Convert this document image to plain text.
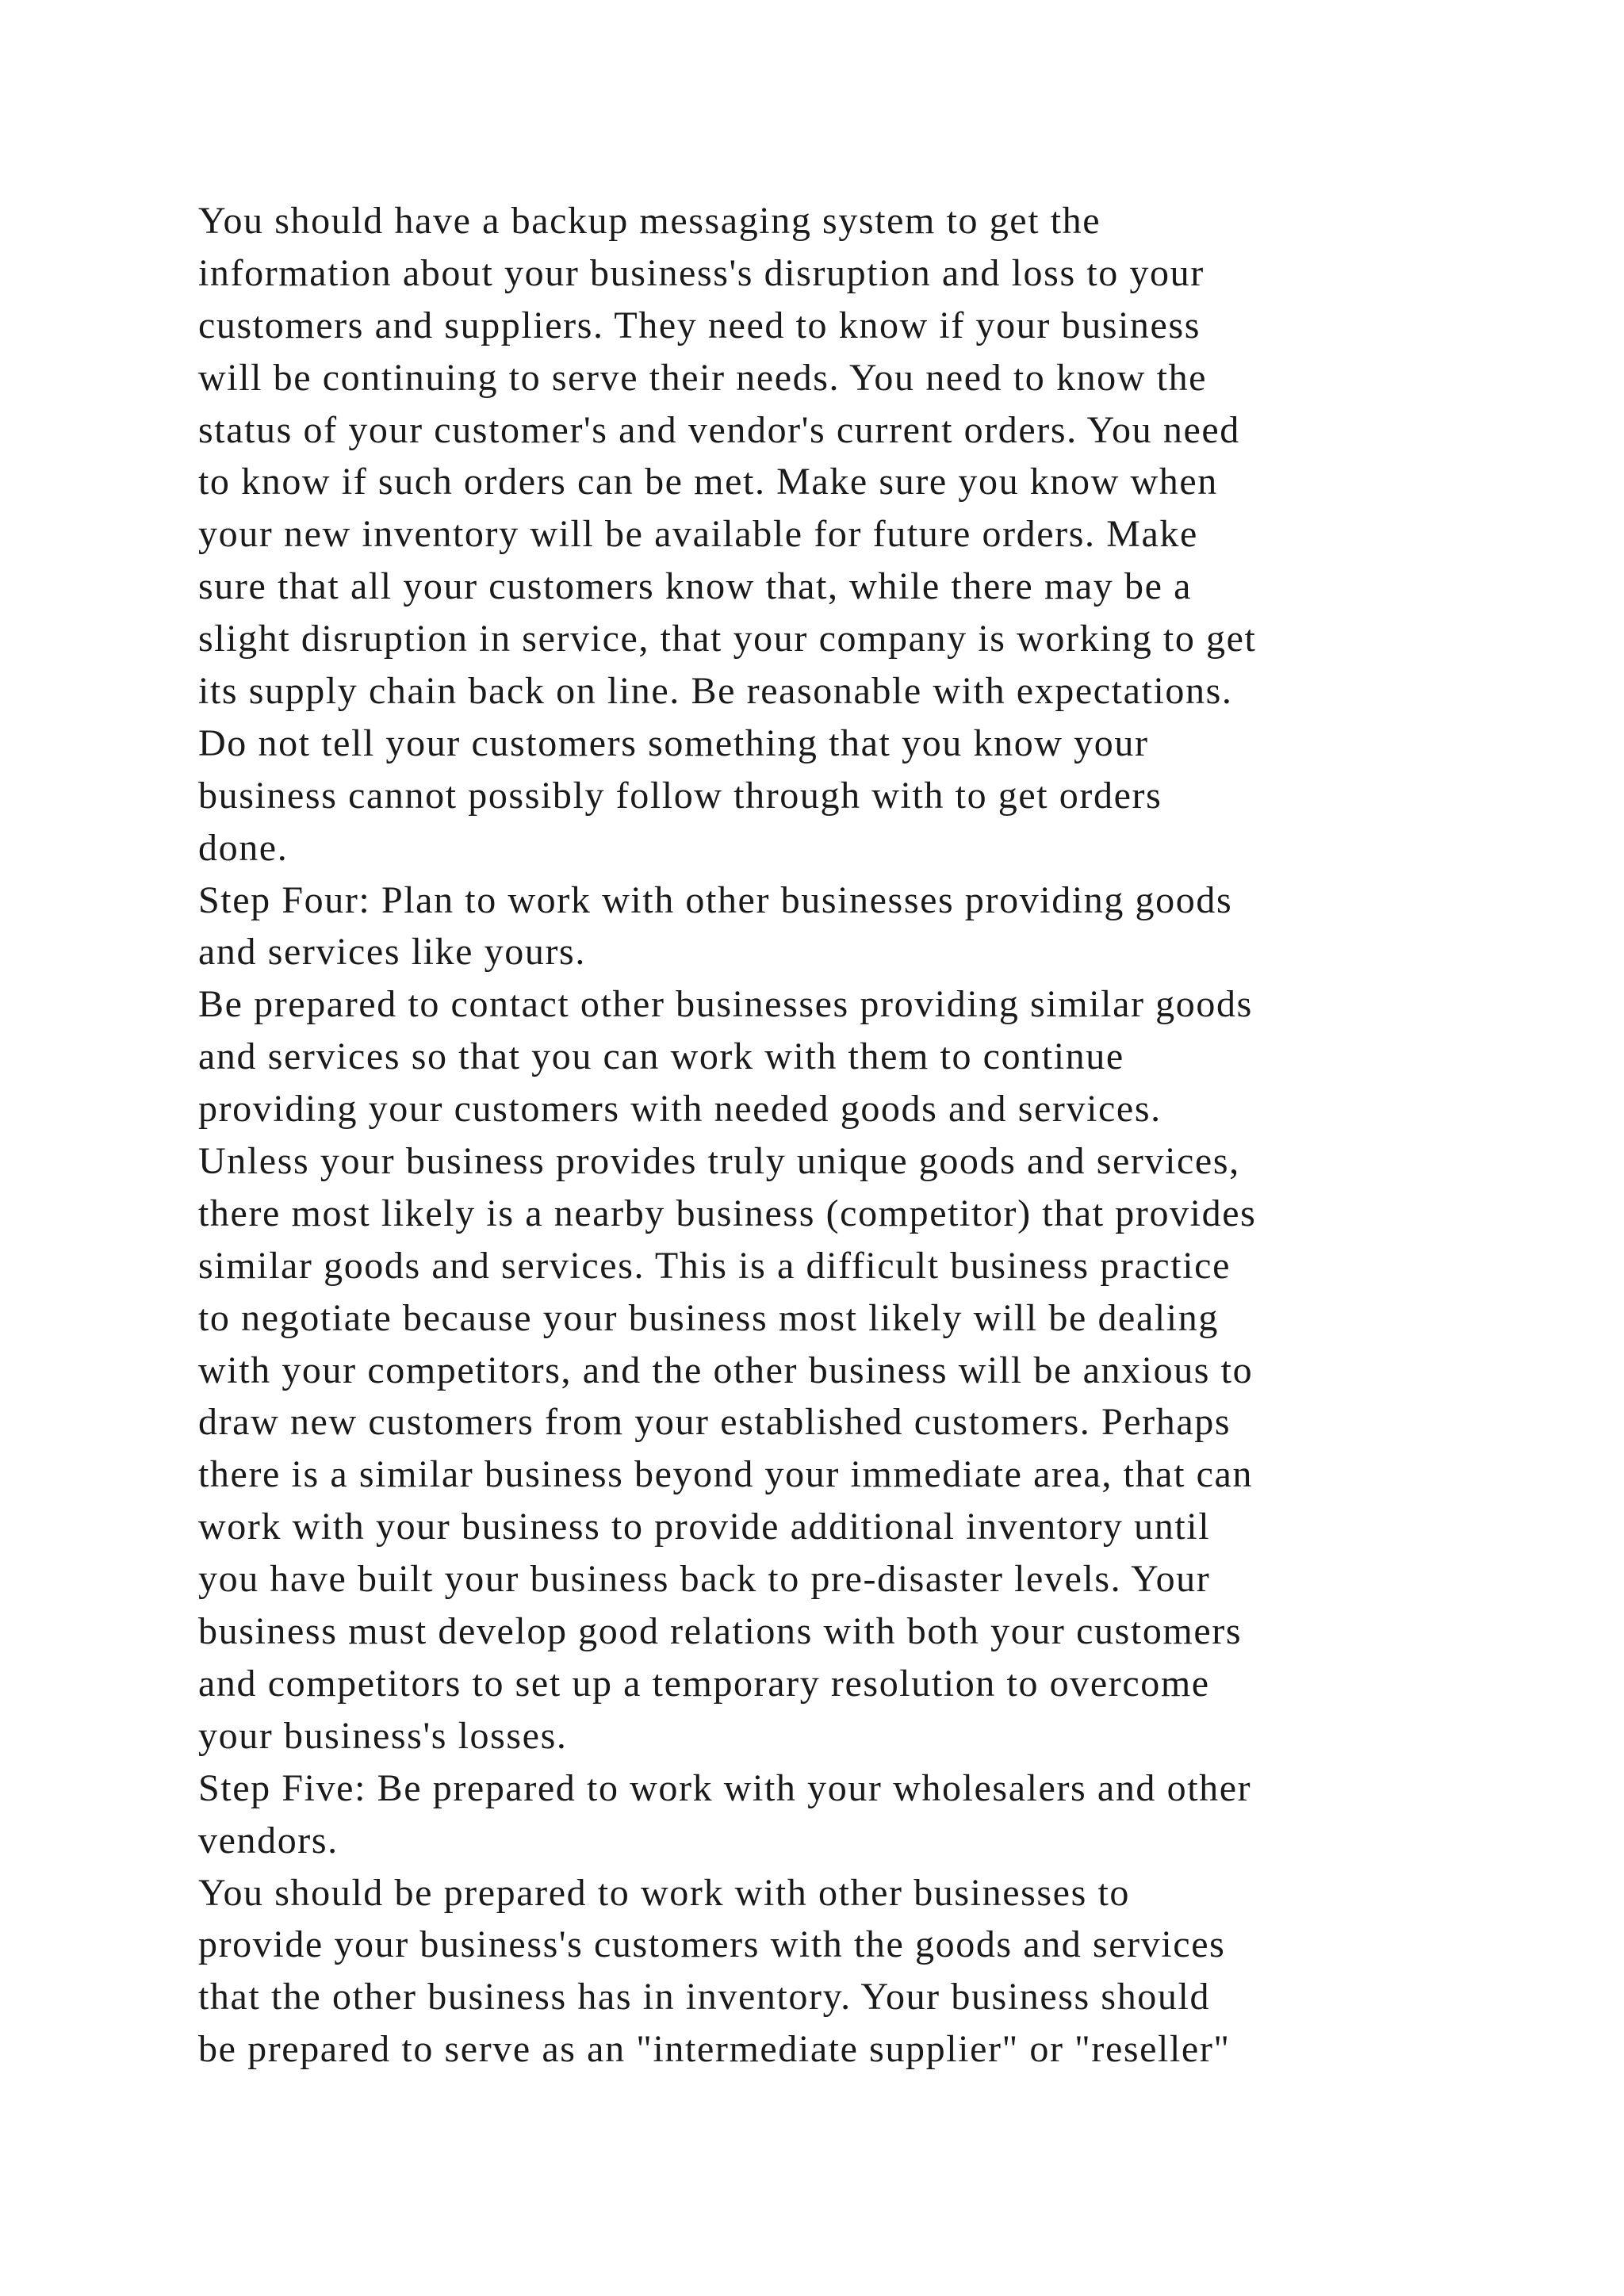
You should have a backup messaging system to get the
information about your business's disruption and loss to your
customers and suppliers. They need to know if your business
will be continuing to serve their needs. You need to know the
status of your customer's and vendor's current orders. You need
to know if such orders can be met. Make sure you know when
your new inventory will be available for future orders. Make
sure that all your customers know that, while there may be a
slight disruption in service, that your company is working to get
its supply chain back on line. Be reasonable with expectations.
Do not tell your customers something that you know your
business cannot possibly follow through with to get orders
done.
Step Four: Plan to work with other businesses providing goods
and services like yours.
Be prepared to contact other businesses providing similar goods
and services so that you can work with them to continue
providing your customers with needed goods and services.
Unless your business provides truly unique goods and services,
there most likely is a nearby business (competitor) that provides
similar goods and services. This is a difficult business practice
to negotiate because your business most likely will be dealing
with your competitors, and the other business will be anxious to
draw new customers from your established customers. Perhaps
there is a similar business beyond your immediate area, that can
work with your business to provide additional inventory until
you have built your business back to pre-disaster levels. Your
business must develop good relations with both your customers
and competitors to set up a temporary resolution to overcome
your business's losses.
Step Five: Be prepared to work with your wholesalers and other
vendors.
You should be prepared to work with other businesses to
provide your business's customers with the goods and services
that the other business has in inventory. Your business should
be prepared to serve as an "intermediate supplier" or "reseller"
